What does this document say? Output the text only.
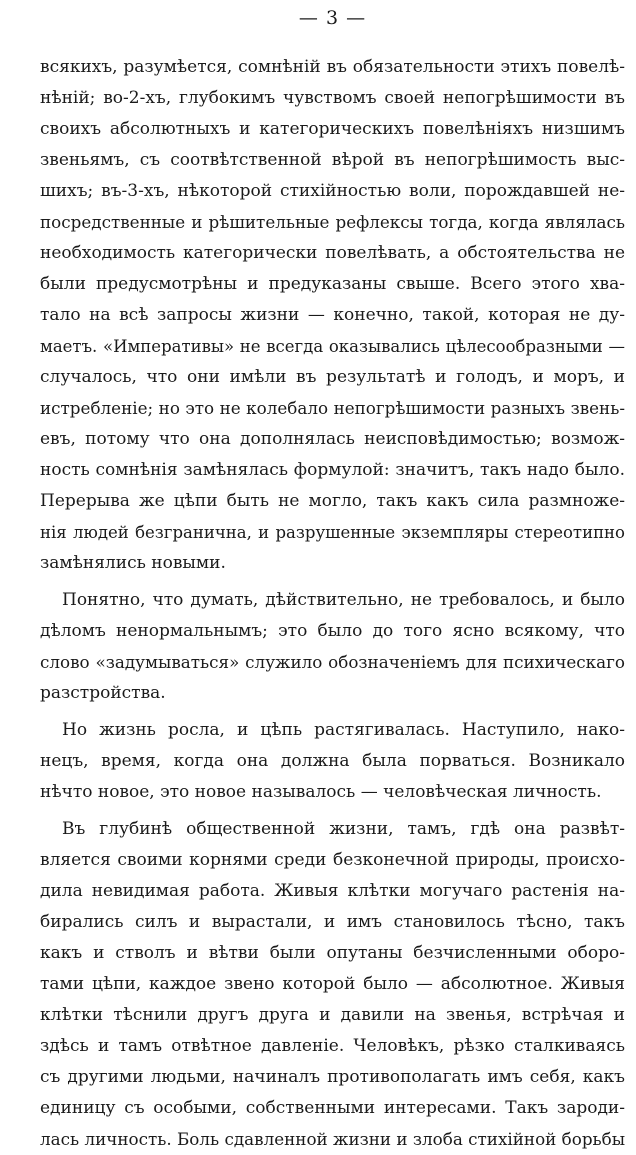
— 3 —
всякихъ, разумѣется, сомнѣній въ обязательности этихъ повелѣ-
нѣній; во-2-хъ, глубокимъ чувствомъ своей непогрѣшимости въ
своихъ абсолютныхъ и категорическихъ повелѣніяхъ низшимъ
звеньямъ, съ соотвѣтственной вѣрой въ непогрѣшимость выс-
шихъ; въ-3-хъ, нѣкоторой стихійностью воли, порождавшей не-
посредственные и рѣшительные рефлексы тогда, когда являлась
необходимость категорически повелѣвать, а обстоятельства не
были предусмотрѣны и предуказаны свыше. Всего этого хва-
тало на всѣ запросы жизни — конечно, такой, которая не ду-
маетъ. «Императивы» не всегда оказывались цѣлесообразными —
случалось, что они имѣли въ результатѣ и голодъ, и моръ, и
истребленіе; но это не колебало непогрѣшимости разныхъ звень-
евъ, потому что она дополнялась неисповѣдимостью; возмож-
ность сомнѣнія замѣнялась формулой: значитъ, такъ надо было.
Перерыва же цѣпи быть не могло, такъ какъ сила размноже-
нія людей безгранична, и разрушенные экземпляры стереотипно
замѣнялись новыми.
Понятно, что думать, дѣйствительно, не требовалось, и было
дѣломъ ненормальнымъ; это было до того ясно всякому, что
слово «задумываться» служило обозначеніемъ для психическаго
разстройства.
Но жизнь росла, и цѣпь растягивалась. Наступило, нако-
нецъ, время, когда она должна была порваться. Возникало
нѣчто новое, это новое называлось — человѣческая личность.
Въ глубинѣ общественной жизни, тамъ, гдѣ она развѣт-
вляется своими корнями среди безконечной природы, происхо-
дила невидимая работа. Живыя клѣтки могучаго растенія на-
бирались силъ и вырастали, и имъ становилось тѣсно, такъ
какъ и стволъ и вѣтви были опутаны безчисленными оборо-
тами цѣпи, каждое звено которой было — абсолютное. Живыя
клѣтки тѣснили другъ друга и давили на звенья, встрѣчая и
здѣсь и тамъ отвѣтное давленіе. Человѣкъ, рѣзко сталкиваясь
съ другими людьми, начиналъ противополагать имъ себя, какъ
единицу съ особыми, собственными интересами. Такъ зароди-
лась личность. Боль сдавленной жизни и злоба стихійной борьбы
